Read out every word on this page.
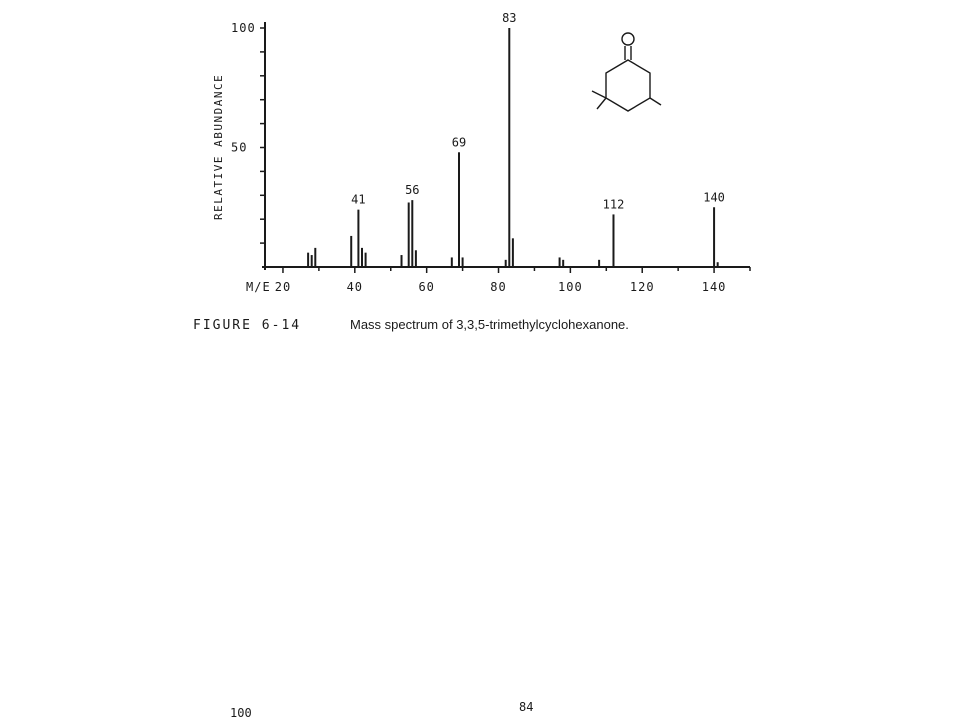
RELATIVE ABUNDANCE
M/E
50
100
20	40	60	80	100	120	140
41
56
69
83
112
140
FIGURE 6-14	Mass spectrum of 3,3,5-trimethylcyclohexanone.
100	84
